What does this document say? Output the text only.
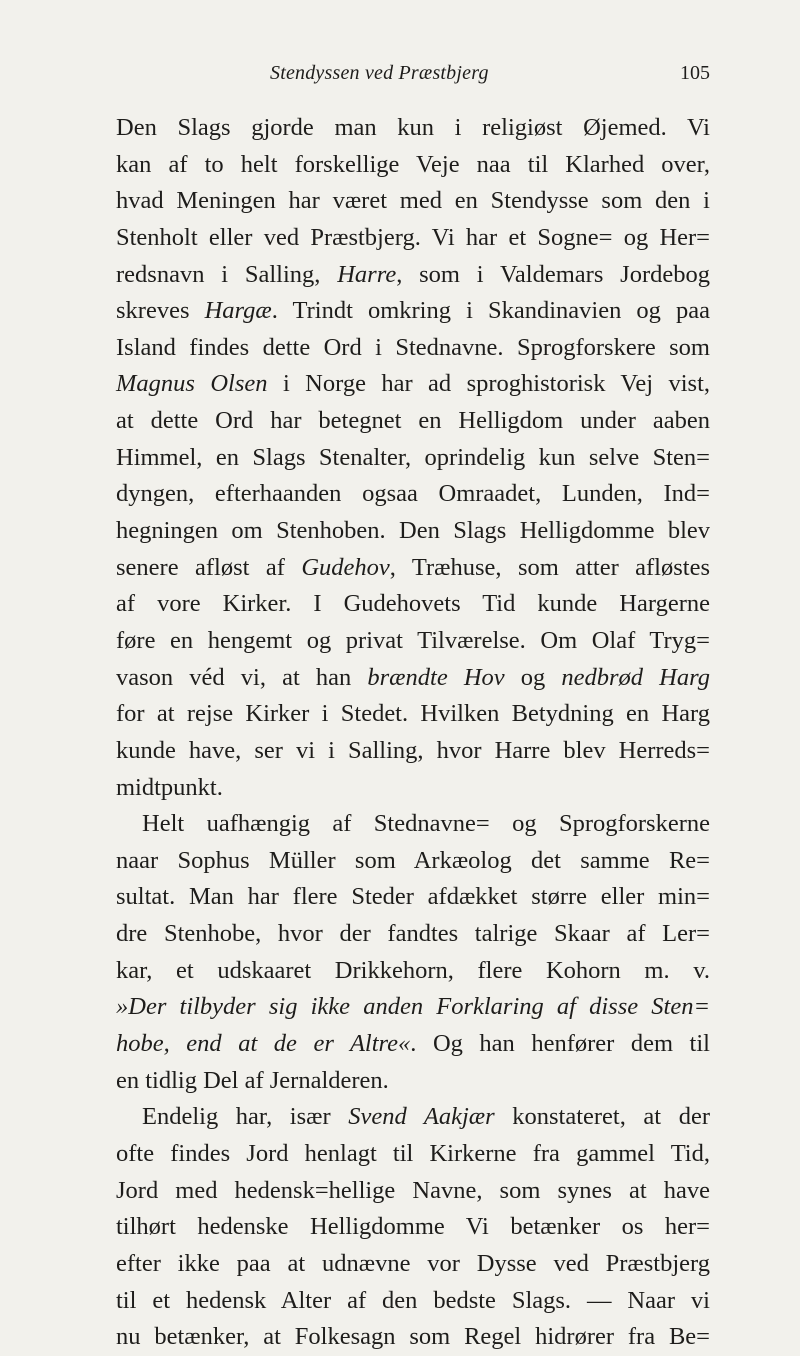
Stendyssen ved Præstbjerg	105
Den Slags gjorde man kun i religiøst Øjemed. Vi
kan af to helt forskellige Veje naa til Klarhed over,
hvad Meningen har været med en Stendysse som den i
Stenholt eller ved Præstbjerg. Vi har et Sogne= og Her=
redsnavn i Salling, Harre, som i Valdemars Jordebog
skreves Hargæ. Trindt omkring i Skandinavien og paa
Island findes dette Ord i Stednavne. Sprogforskere som
Magnus Olsen i Norge har ad sproghistorisk Vej vist,
at dette Ord har betegnet en Helligdom under aaben
Himmel, en Slags Stenalter, oprindelig kun selve Sten=
dyngen, efterhaanden ogsaa Omraadet, Lunden, Ind=
hegningen om Stenhoben. Den Slags Helligdomme blev
senere afløst af Gudehov, Træhuse, som atter afløstes
af vore Kirker. I Gudehovets Tid kunde Hargerne
føre en hengemt og privat Tilværelse. Om Olaf Tryg=
vason véd vi, at han brændte Hov og nedbrød Harg
for at rejse Kirker i Stedet. Hvilken Betydning en Harg
kunde have, ser vi i Salling, hvor Harre blev Herreds=
midtpunkt.
Helt uafhængig af Stednavne= og Sprogforskerne
naar Sophus Müller som Arkæolog det samme Re=
sultat. Man har flere Steder afdækket større eller min=
dre Stenhobe, hvor der fandtes talrige Skaar af Ler=
kar, et udskaaret Drikkehorn, flere Kohorn m. v.
»Der tilbyder sig ikke anden Forklaring af disse Sten=
hobe, end at de er Altre«. Og han henfører dem til
en tidlig Del af Jernalderen.
Endelig har, især Svend Aakjær konstateret, at der
ofte findes Jord henlagt til Kirkerne fra gammel Tid,
Jord med hedensk=hellige Navne, som synes at have
tilhørt hedenske Helligdomme Vi betænker os her=
efter ikke paa at udnævne vor Dysse ved Præstbjerg
til et hedensk Alter af den bedste Slags. — Naar vi
nu betænker, at Folkesagn som Regel hidrører fra Be=
